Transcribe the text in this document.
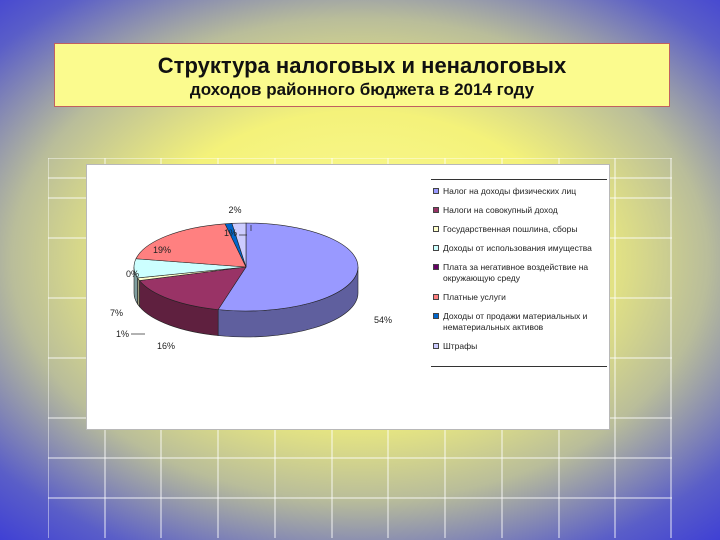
Структура налоговых и неналоговых
доходов районного бюджета в 2014 году
54%
16%
1%
7%
0%
19%
1%
2%
Налог на доходы физических лиц
Налоги на совокупный доход
Государственная пошлина, сборы
Доходы от использования имущества
Плата за негативное воздействие на окружающую среду
Платные услуги
Доходы от продажи материальных и нематериальных активов
Штрафы
